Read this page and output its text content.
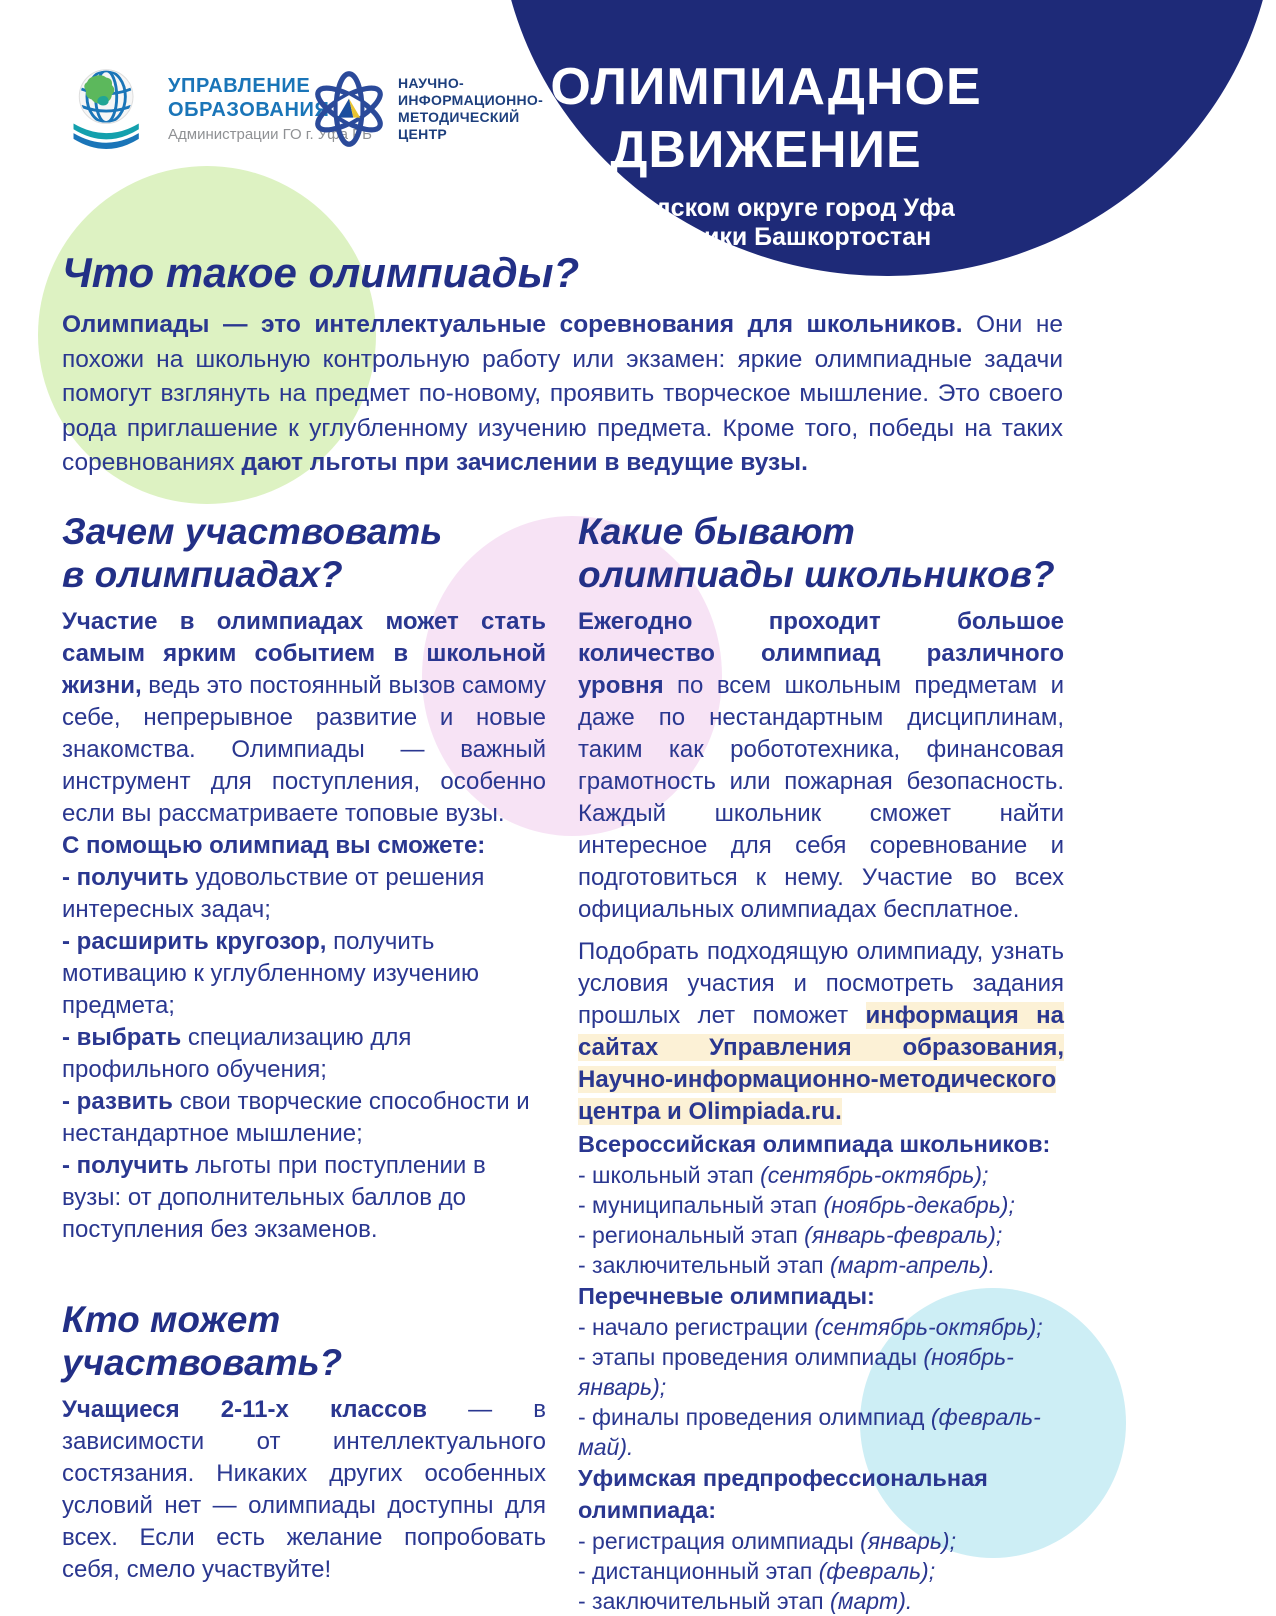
ОЛИМПИАДНОЕ
ДВИЖЕНИЕ
в городском округе город Уфа
Республики Башкортостан
УПРАВЛЕНИЕ
ОБРАЗОВАНИЯ
Администрации ГО г. Уфа РБ
НАУЧНО-
ИНФОРМАЦИОННО-
МЕТОДИЧЕСКИЙ
ЦЕНТР
Что такое олимпиады?

Олимпиады — это интеллектуальные соревнования для школьников. Они не похожи на школьную контрольную работу или экзамен: яркие олимпиадные задачи помогут взглянуть на предмет по-новому, проявить творческое мышление. Это своего рода приглашение к углубленному изучению предмета. Кроме того, победы на таких соревнованиях дают льготы при зачислении в ведущие вузы.

Зачем участвовать
в олимпиадах?

Участие в олимпиадах может стать самым ярким событием в школьной жизни, ведь это постоянный вызов самому себе, непрерывное развитие и новые знакомства. Олимпиады — важный инструмент для поступления, особенно если вы рассматриваете топовые вузы.

С помощью олимпиад вы сможете:

- получить удовольствие от решения интересных задач;
- расширить кругозор, получить мотивацию к углубленному изучению предмета;
- выбрать специализацию для профильного обучения;
- развить свои творческие способности и нестандартное мышление;
- получить льготы при поступлении в вузы: от дополнительных баллов до поступления без экзаменов.
Кто может
участвовать?

Учащиеся 2-11-х классов — в зависимости от интеллектуального состязания. Никаких других особенных условий нет — олимпиады доступны для всех. Если есть желание попробовать себя, смело участвуйте!

Какие бывают
олимпиады школьников?

Ежегодно проходит большое количество олимпиад различного уровня по всем школьным предметам и даже по нестандартным дисциплинам, таким как робототехника, финансовая грамотность или пожарная безопасность. Каждый школьник сможет найти интересное для себя соревнование и подготовиться к нему. Участие во всех официальных олимпиадах бесплатное.

Подобрать подходящую олимпиаду, узнать условия участия и посмотреть задания прошлых лет поможет информация на сайтах Управления образования, Научно-информационно-методического центра и Olimpiada.ru.

Всероссийская олимпиада школьников:
- школьный этап (сентябрь-октябрь);
- муниципальный этап (ноябрь-декабрь);
- региональный этап (январь-февраль);
- заключительный этап (март-апрель).
Перечневые олимпиады:
- начало регистрации (сентябрь-октябрь);
- этапы проведения олимпиады (ноябрь-январь);
- финалы проведения олимпиад (февраль-май).
Уфимская предпрофессиональная олимпиада:
- регистрация олимпиады (январь);
- дистанционный этап (февраль);
- заключительный этап (март).
